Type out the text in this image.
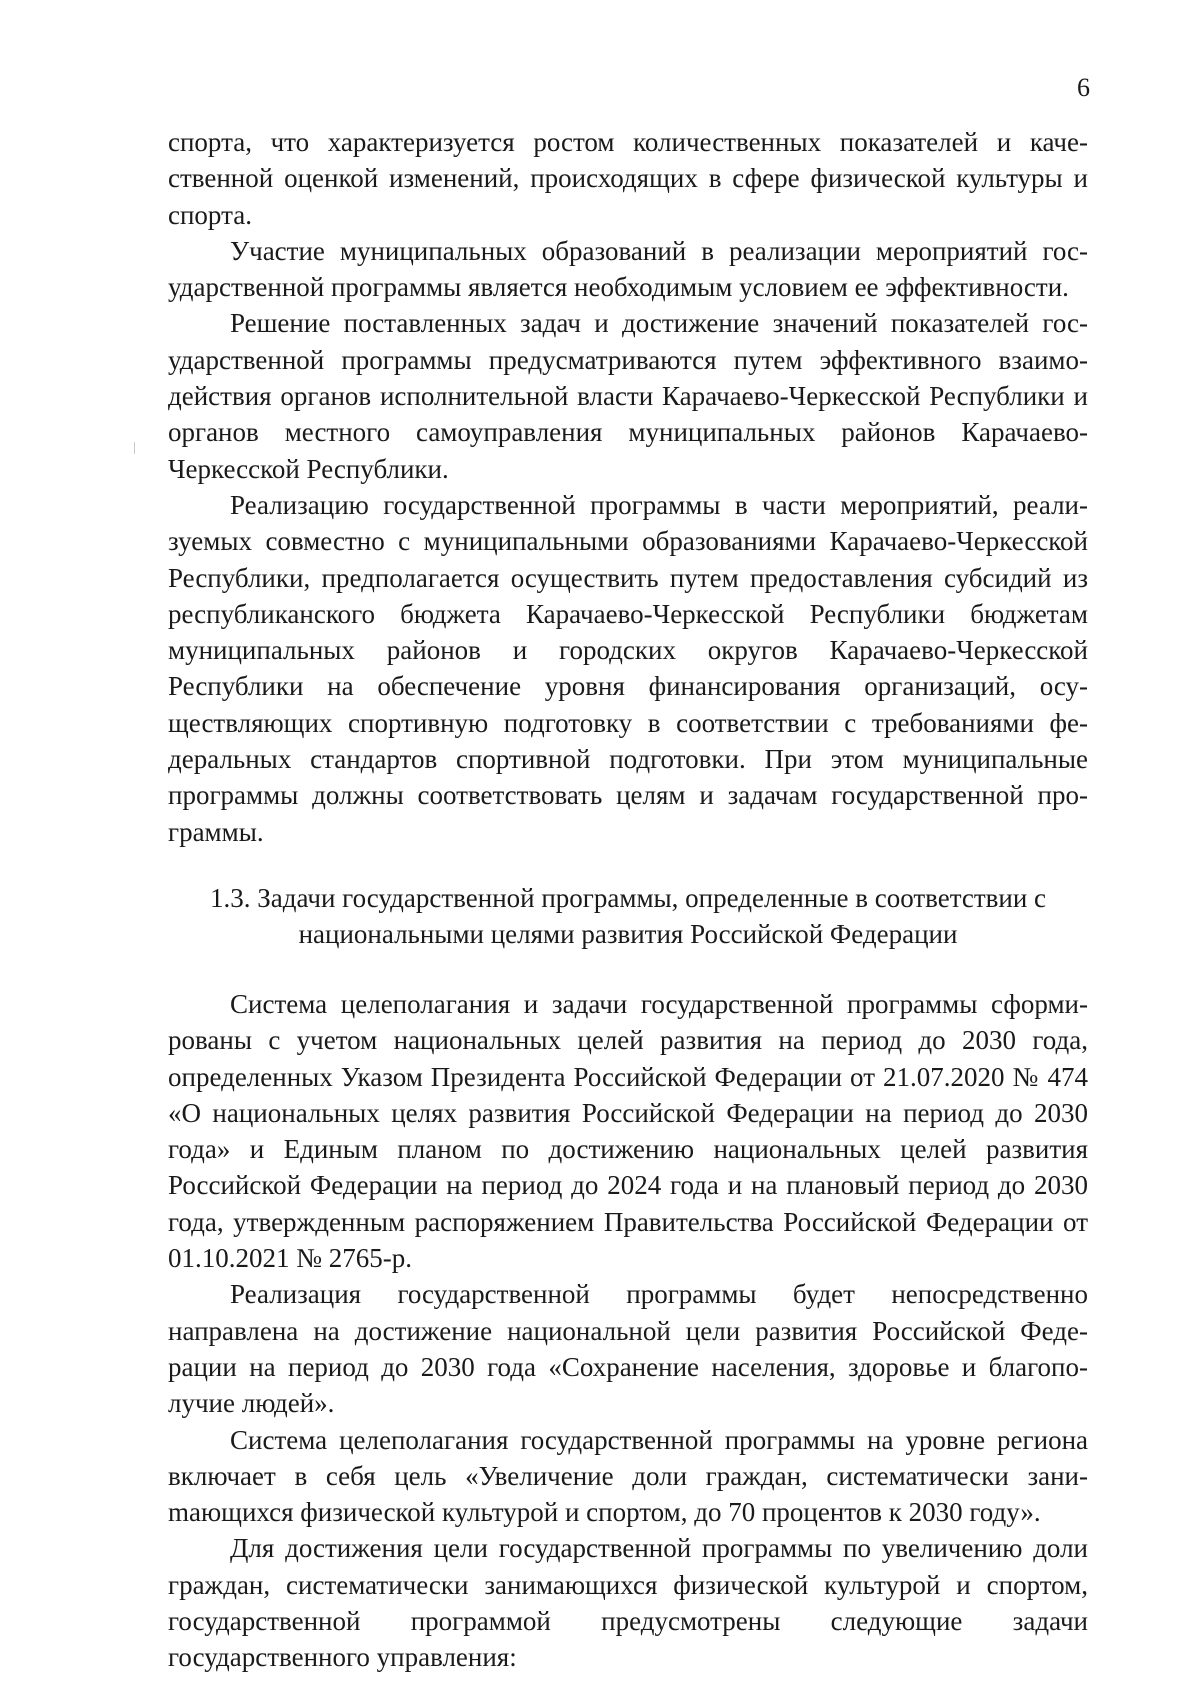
6

спорта, что характеризуется ростом количественных показателей и качественной оценкой изменений, происходящих в сфере физической культуры и спорта.

Участие муниципальных образований в реализации мероприятий государственной программы является необходимым условием ее эффективности.

Решение поставленных задач и достижение значений показателей государственной программы предусматриваются путем эффективного взаимодействия органов исполнительной власти Карачаево-Черкесской Республики и органов местного самоуправления муниципальных районов Карачаево-Черкесской Республики.

Реализацию государственной программы в части мероприятий, реализуемых совместно с муниципальными образованиями Карачаево-Черкесской Республики, предполагается осуществить путем предоставления субсидий из республиканского бюджета Карачаево-Черкесской Республики бюджетам муниципальных районов и городских округов Карачаево-Черкесской Республики на обеспечение уровня финансирования организаций, осуществляющих спортивную подготовку в соответствии с требованиями федеральных стандартов спортивной подготовки. При этом муниципальные программы должны соответствовать целям и задачам государственной программы.

1.3. Задачи государственной программы, определенные в соответствии с национальными целями развития Российской Федерации

Система целеполагания и задачи государственной программы сформированы с учетом национальных целей развития на период до 2030 года, определенных Указом Президента Российской Федерации от 21.07.2020 № 474 «О национальных целях развития Российской Федерации на период до 2030 года» и Единым планом по достижению национальных целей развития Российской Федерации на период до 2024 года и на плановый период до 2030 года, утвержденным распоряжением Правительства Российской Федерации от 01.10.2021 № 2765-р.

Реализация государственной программы будет непосредственно направлена на достижение национальной цели развития Российской Федерации на период до 2030 года «Сохранение населения, здоровье и благополучие людей».

Система целеполагания государственной программы на уровне региона включает в себя цель «Увеличение доли граждан, систематически заниmающихся физической культурой и спортом, до 70 процентов к 2030 году».

Для достижения цели государственной программы по увеличению доли граждан, систематически занимающихся физической культурой и спортом, государственной программой предусмотрены следующие задачи государственного управления:
